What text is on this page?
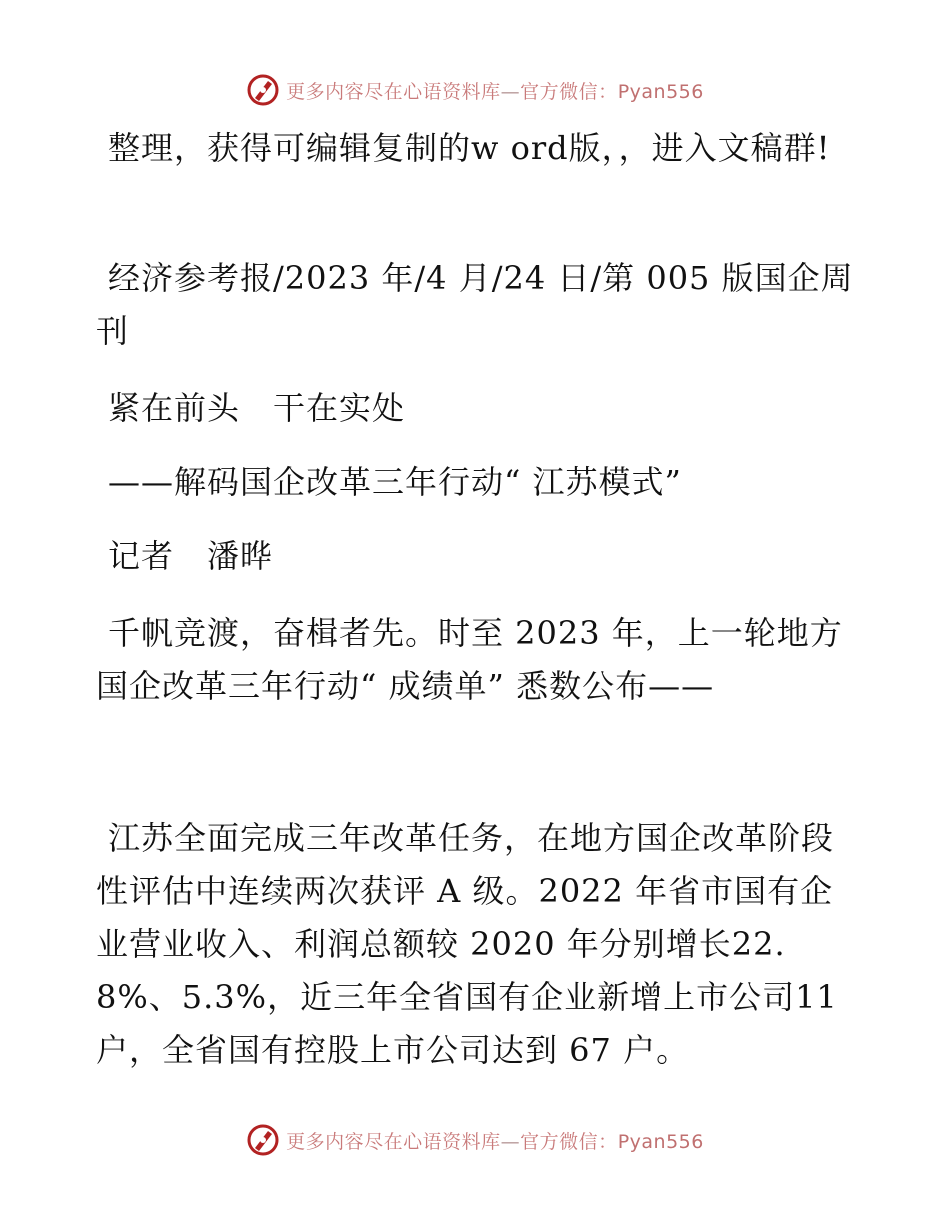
更多内容尽在心语资料库—官方微信：Pyan556

整理，获得可编辑复制的w ord版，，进入文稿群!

经济参考报/2023 年/4 月/24 日/第 005 版国企周刊

紧在前头　干在实处

——解码国企改革三年行动“ 江苏模式”

记者　潘晔

千帆竞渡，奋楫者先。时至 2023 年，上一轮地方国企改革三年行动“ 成绩单” 悉数公布——

江苏全面完成三年改革任务，在地方国企改革阶段性评估中连续两次获评 A 级。2022 年省市国有企业营业收入、利润总额较 2020 年分别增长22.8%、5.3%，近三年全省国有企业新增上市公司11 户，全省国有控股上市公司达到 67 户。

更多内容尽在心语资料库—官方微信：Pyan556
